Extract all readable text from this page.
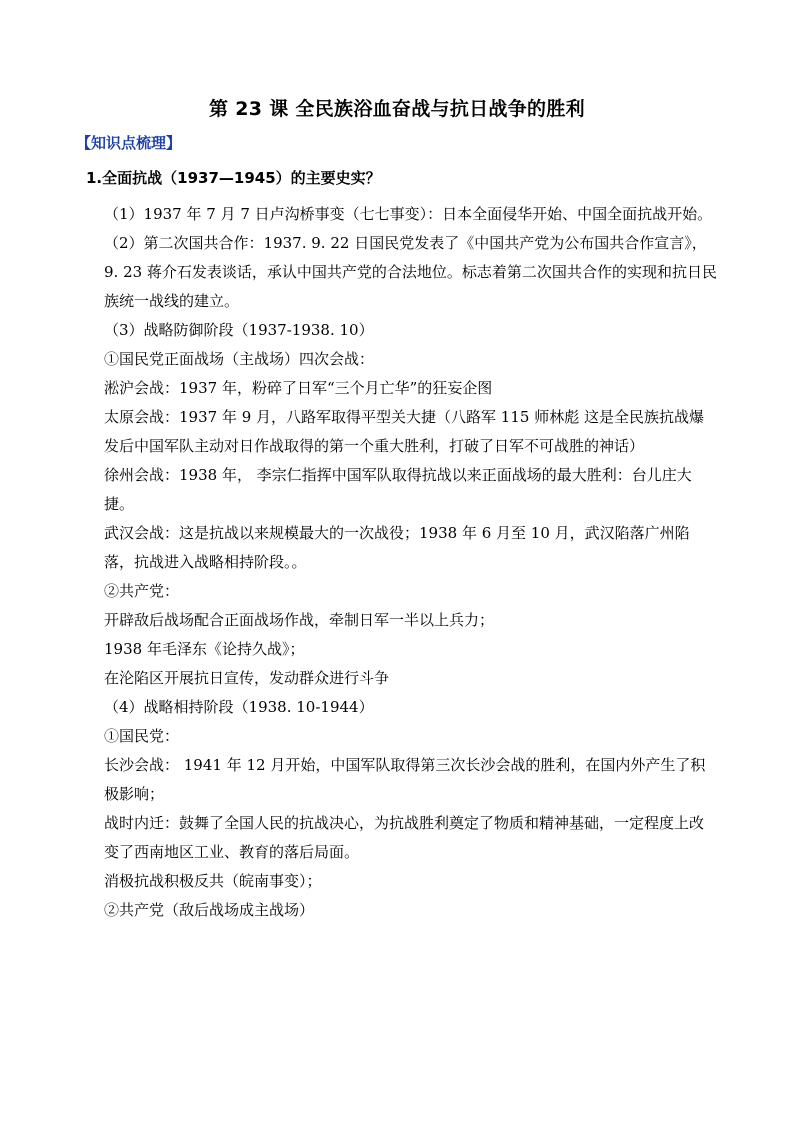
第 23 课 全民族浴血奋战与抗日战争的胜利
【知识点梳理】
1.全面抗战（1937—1945）的主要史实？

（1）1937 年 7 月 7 日卢沟桥事变（七七事变）：日本全面侵华开始、中国全面抗战开始。

（2）第二次国共合作：1937. 9. 22 日国民党发表了《中国共产党为公布国共合作宣言》，9. 23 蒋介石发表谈话，承认中国共产党的合法地位。标志着第二次国共合作的实现和抗日民族统一战线的建立。

（3）战略防御阶段（1937-1938. 10）

①国民党正面战场（主战场）四次会战：

淞沪会战：1937 年，粉碎了日军“三个月亡华”的狂妄企图

太原会战：1937 年 9 月，八路军取得平型关大捷（八路军 115 师林彪 这是全民族抗战爆发后中国军队主动对日作战取得的第一个重大胜利，打破了日军不可战胜的神话）

徐州会战：1938 年， 李宗仁指挥中国军队取得抗战以来正面战场的最大胜利：台儿庄大捷。

武汉会战：这是抗战以来规模最大的一次战役；1938 年 6 月至 10 月，武汉陷落广州陷落，抗战进入战略相持阶段。。

②共产党：

开辟敌后战场配合正面战场作战，牵制日军一半以上兵力；

1938 年毛泽东《论持久战》；

在沦陷区开展抗日宣传，发动群众进行斗争

（4）战略相持阶段（1938. 10-1944）

①国民党：

长沙会战： 1941 年 12 月开始，中国军队取得第三次长沙会战的胜利，在国内外产生了积极影响；

战时内迁：鼓舞了全国人民的抗战决心，为抗战胜利奠定了物质和精神基础，一定程度上改变了西南地区工业、教育的落后局面。

消极抗战积极反共（皖南事变）；

②共产党（敌后战场成主战场）
